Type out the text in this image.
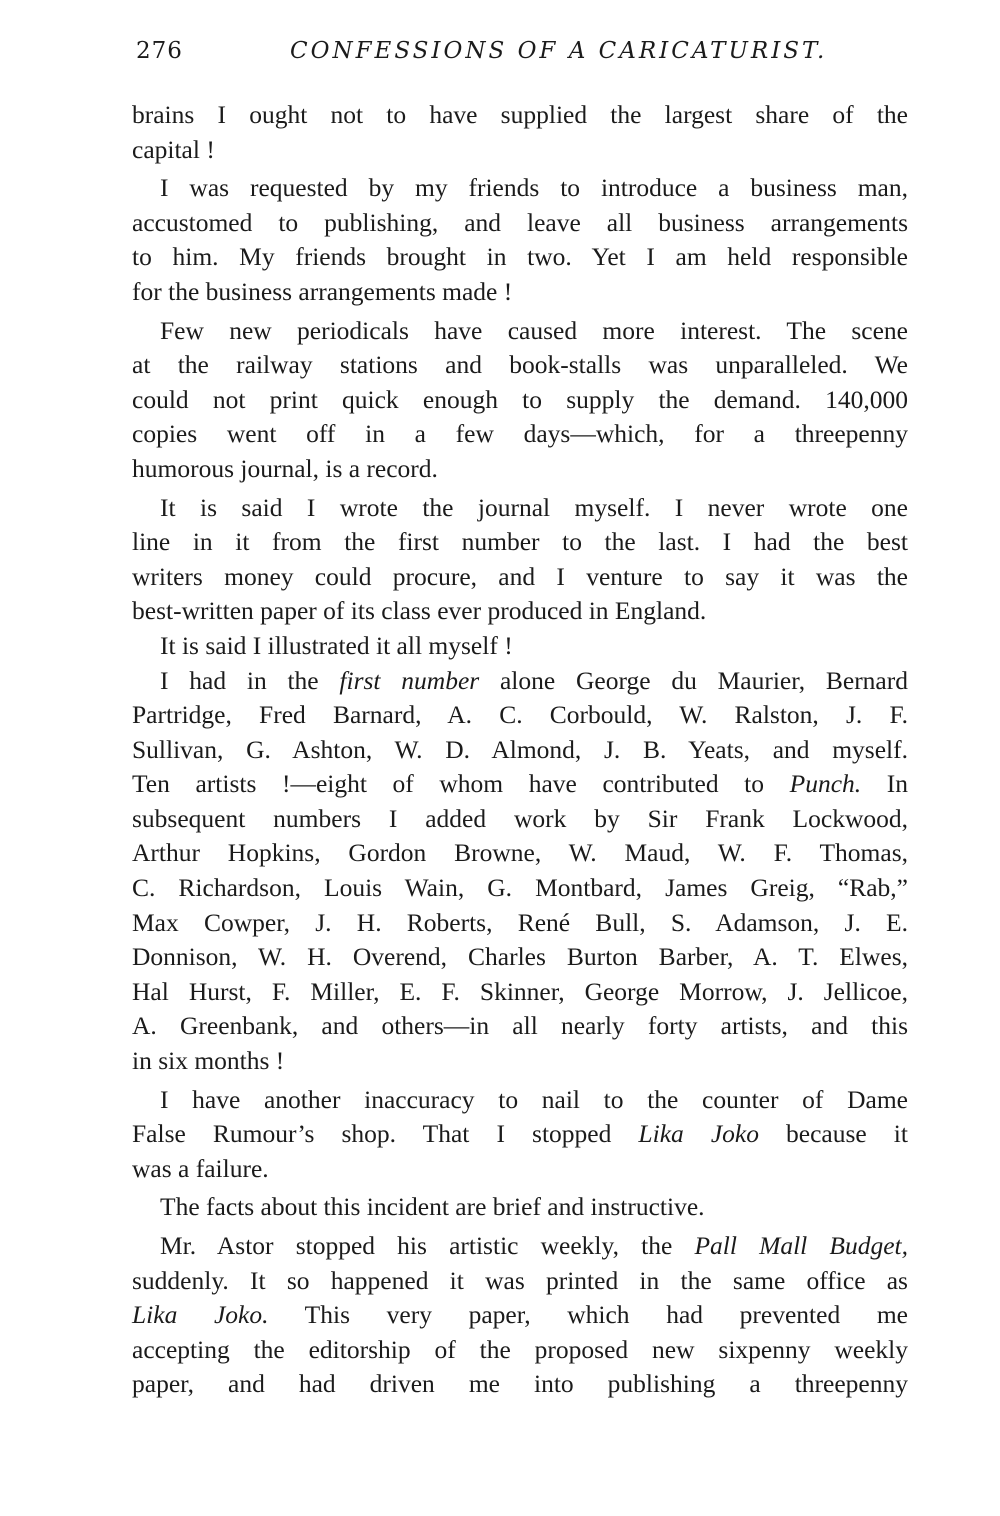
276	CONFESSIONS OF A CARICATURIST.
brains I ought not to have supplied the largest share of the
capital !
I was requested by my friends to introduce a business man,
accustomed to publishing, and leave all business arrangements
to him. My friends brought in two. Yet I am held responsible
for the business arrangements made !
Few new periodicals have caused more interest. The scene
at the railway stations and book-stalls was unparalleled. We
could not print quick enough to supply the demand. 140,000
copies went off in a few days—which, for a threepenny
humorous journal, is a record.
It is said I wrote the journal myself. I never wrote one
line in it from the first number to the last. I had the best
writers money could procure, and I venture to say it was the
best-written paper of its class ever produced in England.
It is said I illustrated it all myself !
I had in the first number alone George du Maurier, Bernard
Partridge, Fred Barnard, A. C. Corbould, W. Ralston, J. F.
Sullivan, G. Ashton, W. D. Almond, J. B. Yeats, and myself.
Ten artists !—eight of whom have contributed to Punch. In
subsequent numbers I added work by Sir Frank Lockwood,
Arthur Hopkins, Gordon Browne, W. Maud, W. F. Thomas,
C. Richardson, Louis Wain, G. Montbard, James Greig, “Rab,”
Max Cowper, J. H. Roberts, René Bull, S. Adamson, J. E.
Donnison, W. H. Overend, Charles Burton Barber, A. T. Elwes,
Hal Hurst, F. Miller, E. F. Skinner, George Morrow, J. Jellicoe,
A. Greenbank, and others—in all nearly forty artists, and this
in six months !
I have another inaccuracy to nail to the counter of Dame
False Rumour’s shop. That I stopped Lika Joko because it
was a failure.
The facts about this incident are brief and instructive.
Mr. Astor stopped his artistic weekly, the Pall Mall Budget,
suddenly. It so happened it was printed in the same office as
Lika Joko. This very paper, which had prevented me
accepting the editorship of the proposed new sixpenny weekly
paper, and had driven me into publishing a threepenny
